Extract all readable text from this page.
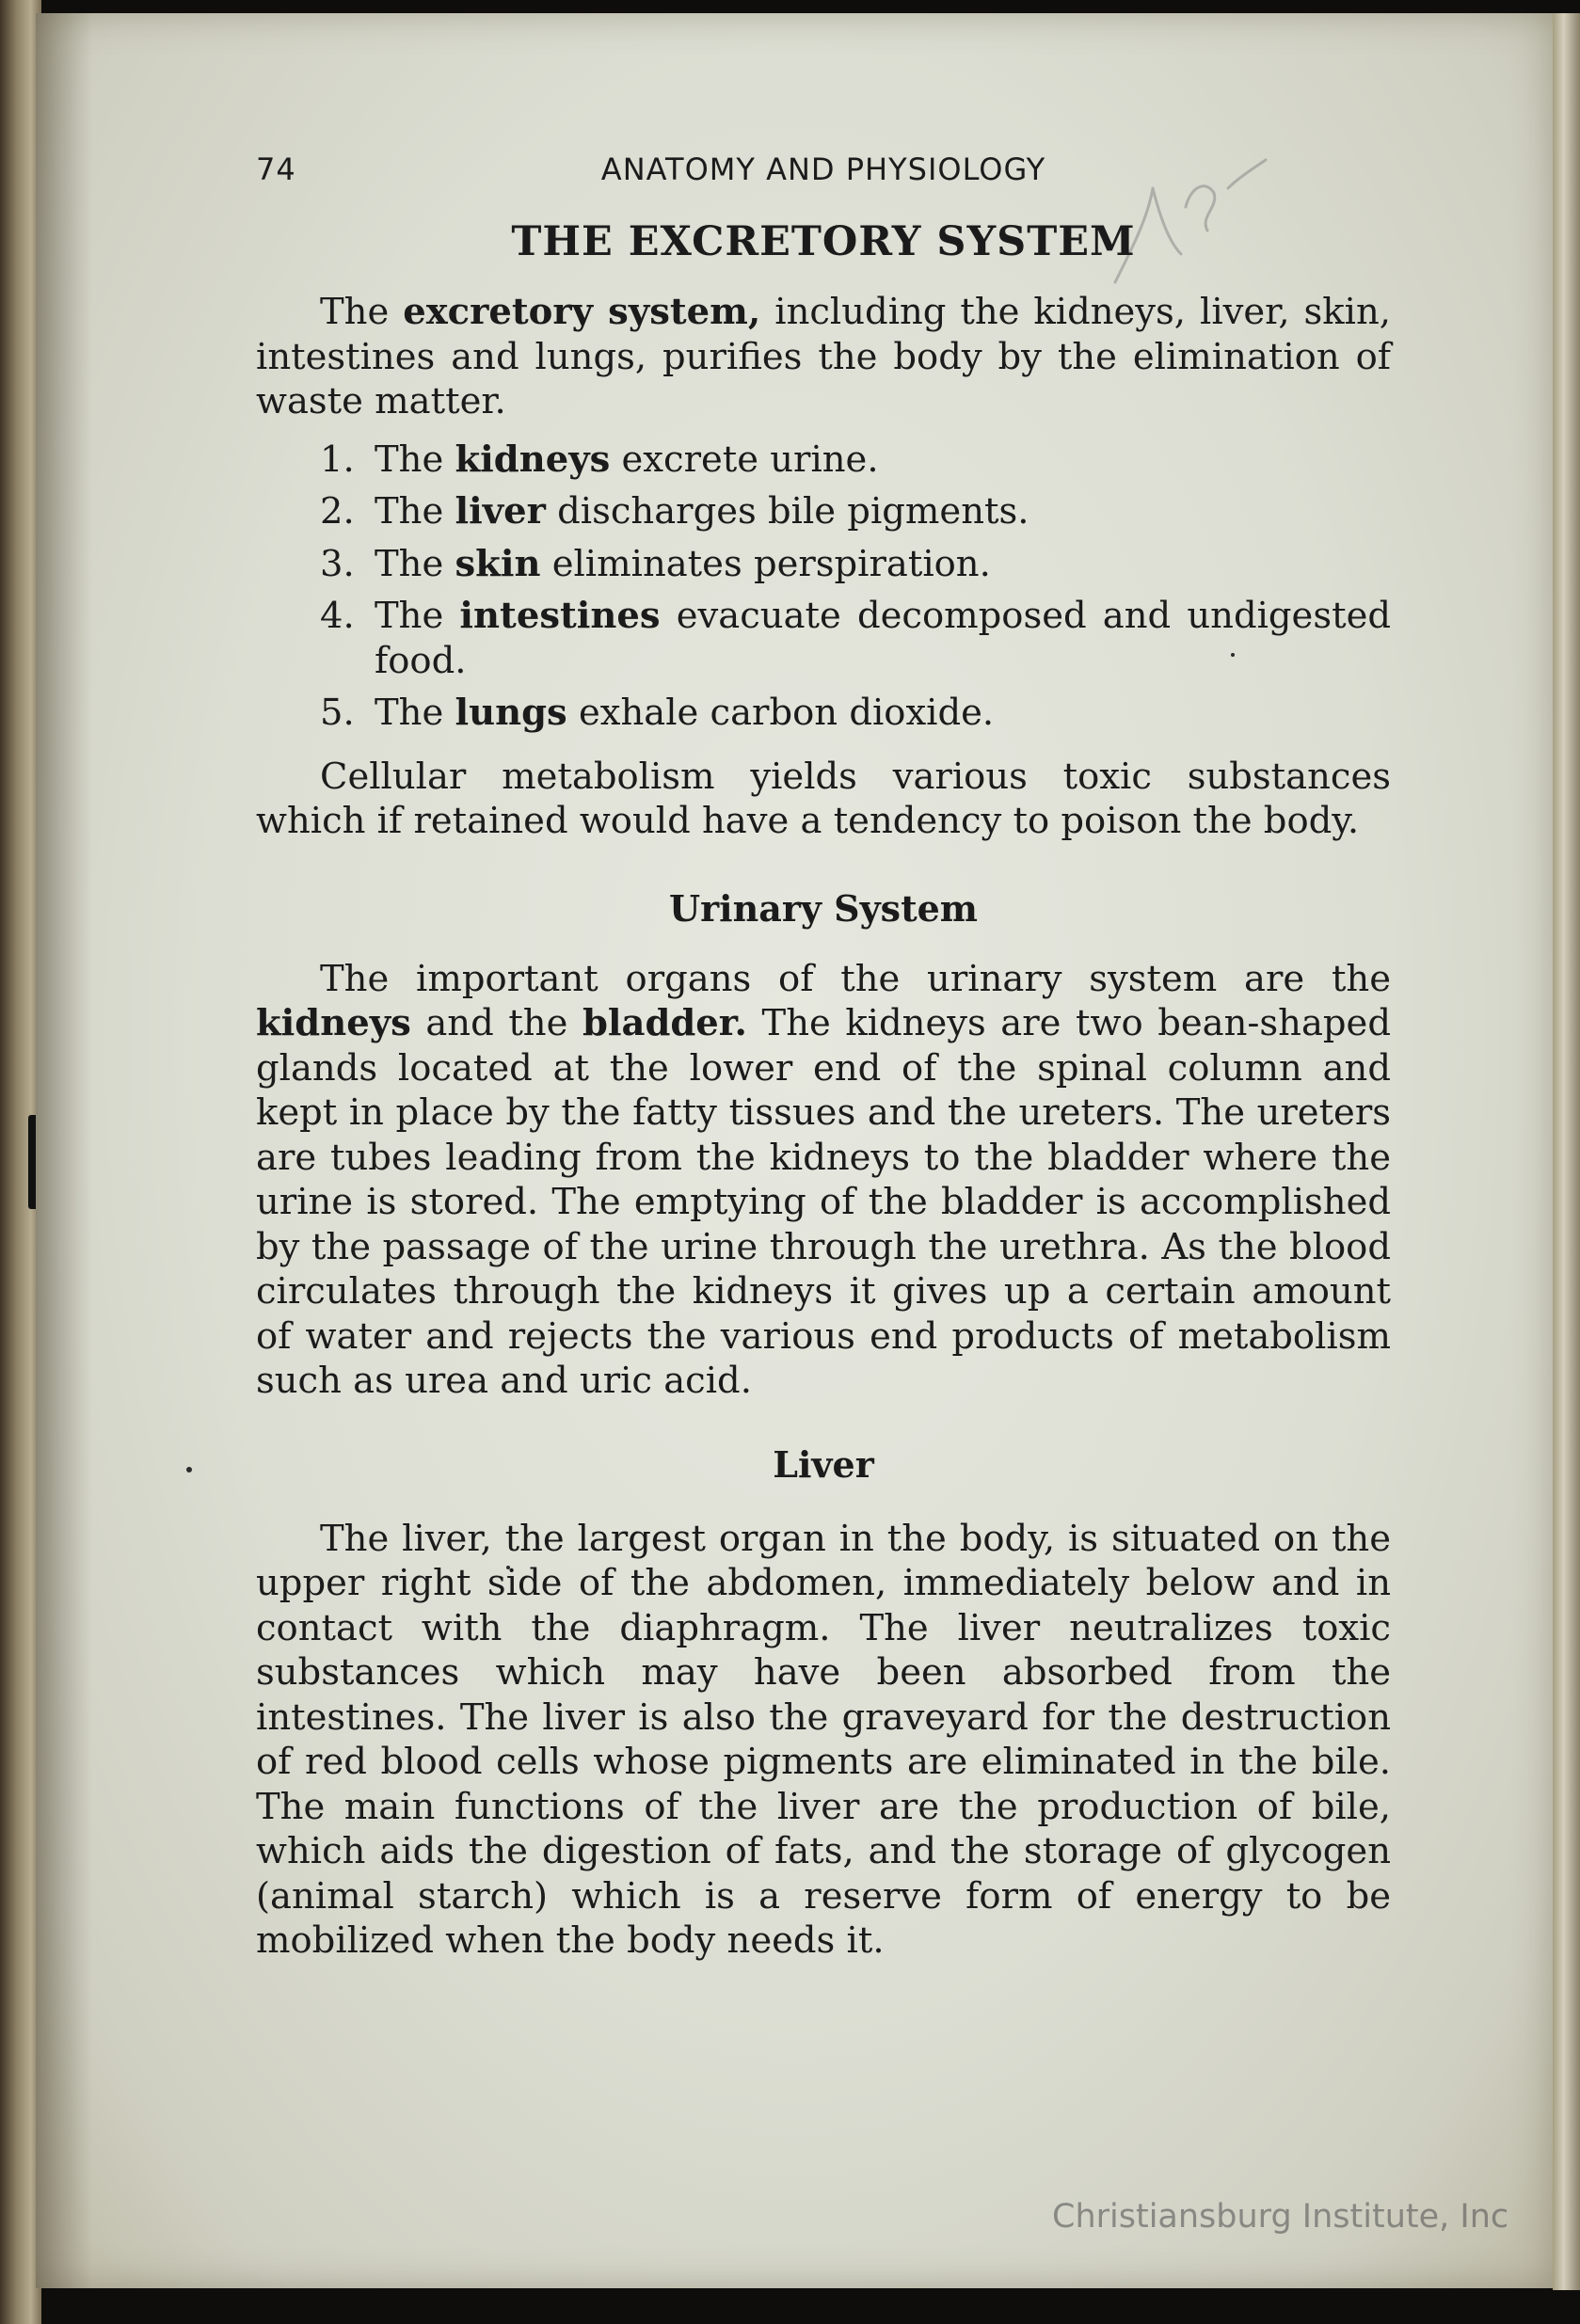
74	ANATOMY AND PHYSIOLOGY
THE EXCRETORY SYSTEM

The excretory system, including the kidneys, liver, skin, intestines and lungs, purifies the body by the elimination of waste matter.

1. The kidneys excrete urine.
2. The liver discharges bile pigments.
3. The skin eliminates perspiration.
4. The intestines evacuate decomposed and undigested food.
5. The lungs exhale carbon dioxide.

Cellular metabolism yields various toxic substances which if retained would have a tendency to poison the body.

Urinary System

The important organs of the urinary system are the kidneys and the bladder. The kidneys are two bean-shaped glands located at the lower end of the spinal column and kept in place by the fatty tissues and the ureters. The ureters are tubes leading from the kidneys to the bladder where the urine is stored. The emptying of the bladder is accomplished by the passage of the urine through the urethra. As the blood circulates through the kidneys it gives up a certain amount of water and rejects the various end products of metabolism such as urea and uric acid.

Liver

The liver, the largest organ in the body, is situated on the upper right side of the abdomen, immediately below and in contact with the diaphragm. The liver neutralizes toxic substances which may have been absorbed from the intestines. The liver is also the graveyard for the destruction of red blood cells whose pigments are eliminated in the bile. The main functions of the liver are the production of bile, which aids the digestion of fats, and the storage of glycogen (animal starch) which is a reserve form of energy to be mobilized when the body needs it.

Christiansburg Institute, Inc
